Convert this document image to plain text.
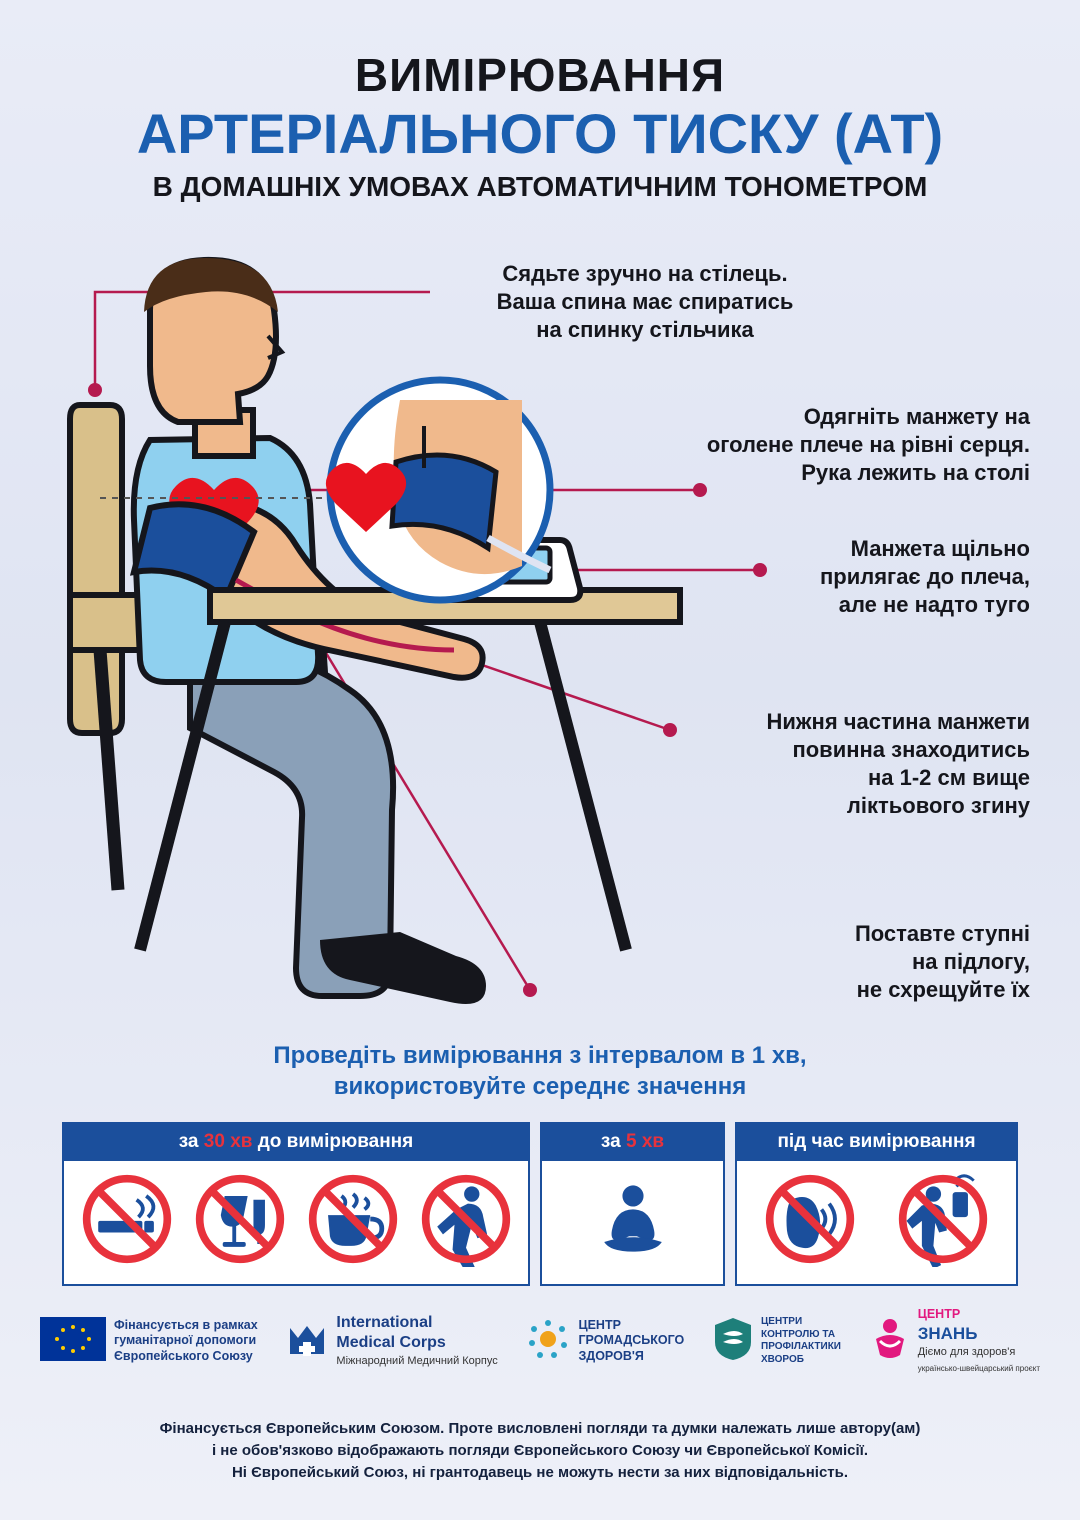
ВИМІРЮВАННЯ
АРТЕРІАЛЬНОГО ТИСКУ (АТ)
В ДОМАШНІХ УМОВАХ АВТОМАТИЧНИМ ТОНОМЕТРОМ
Сядьте зручно на стілець.
Ваша спина має спиратись
на спинку стільчика
Одягніть манжету на
оголене плече на рівні серця.
Рука лежить на столі
Манжета щільно
прилягає до плеча,
але не надто туго
Нижня частина манжети
повинна знаходитись
на 1-2 см вище
ліктьового згину
Поставте ступні
на підлогу,
не схрещуйте їх
Проведіть вимірювання з інтервалом в 1 хв,
використовуйте середнє значення
за 30 хв до вимірювання	за 5 хв	під час вимірювання
Фінансується в рамках
гуманітарної допомоги
Європейського Союзу
International
Medical Corps
Міжнародний Медичний Корпус
ЦЕНТР
ГРОМАДСЬКОГО
ЗДОРОВ'Я
ЦЕНТРИ
КОНТРОЛЮ ТА
ПРОФІЛАКТИКИ
ХВОРОБ
ЦЕНТР
ЗНАНЬ
Діємо для здоров'я
українсько-швейцарський проєкт
Фінансується Європейським Союзом. Проте висловлені погляди та думки належать лише автору(ам)
і не обов'язково відображають погляди Європейського Союзу чи Європейської Комісії.
Ні Європейський Союз, ні грантодавець не можуть нести за них відповідальність.
